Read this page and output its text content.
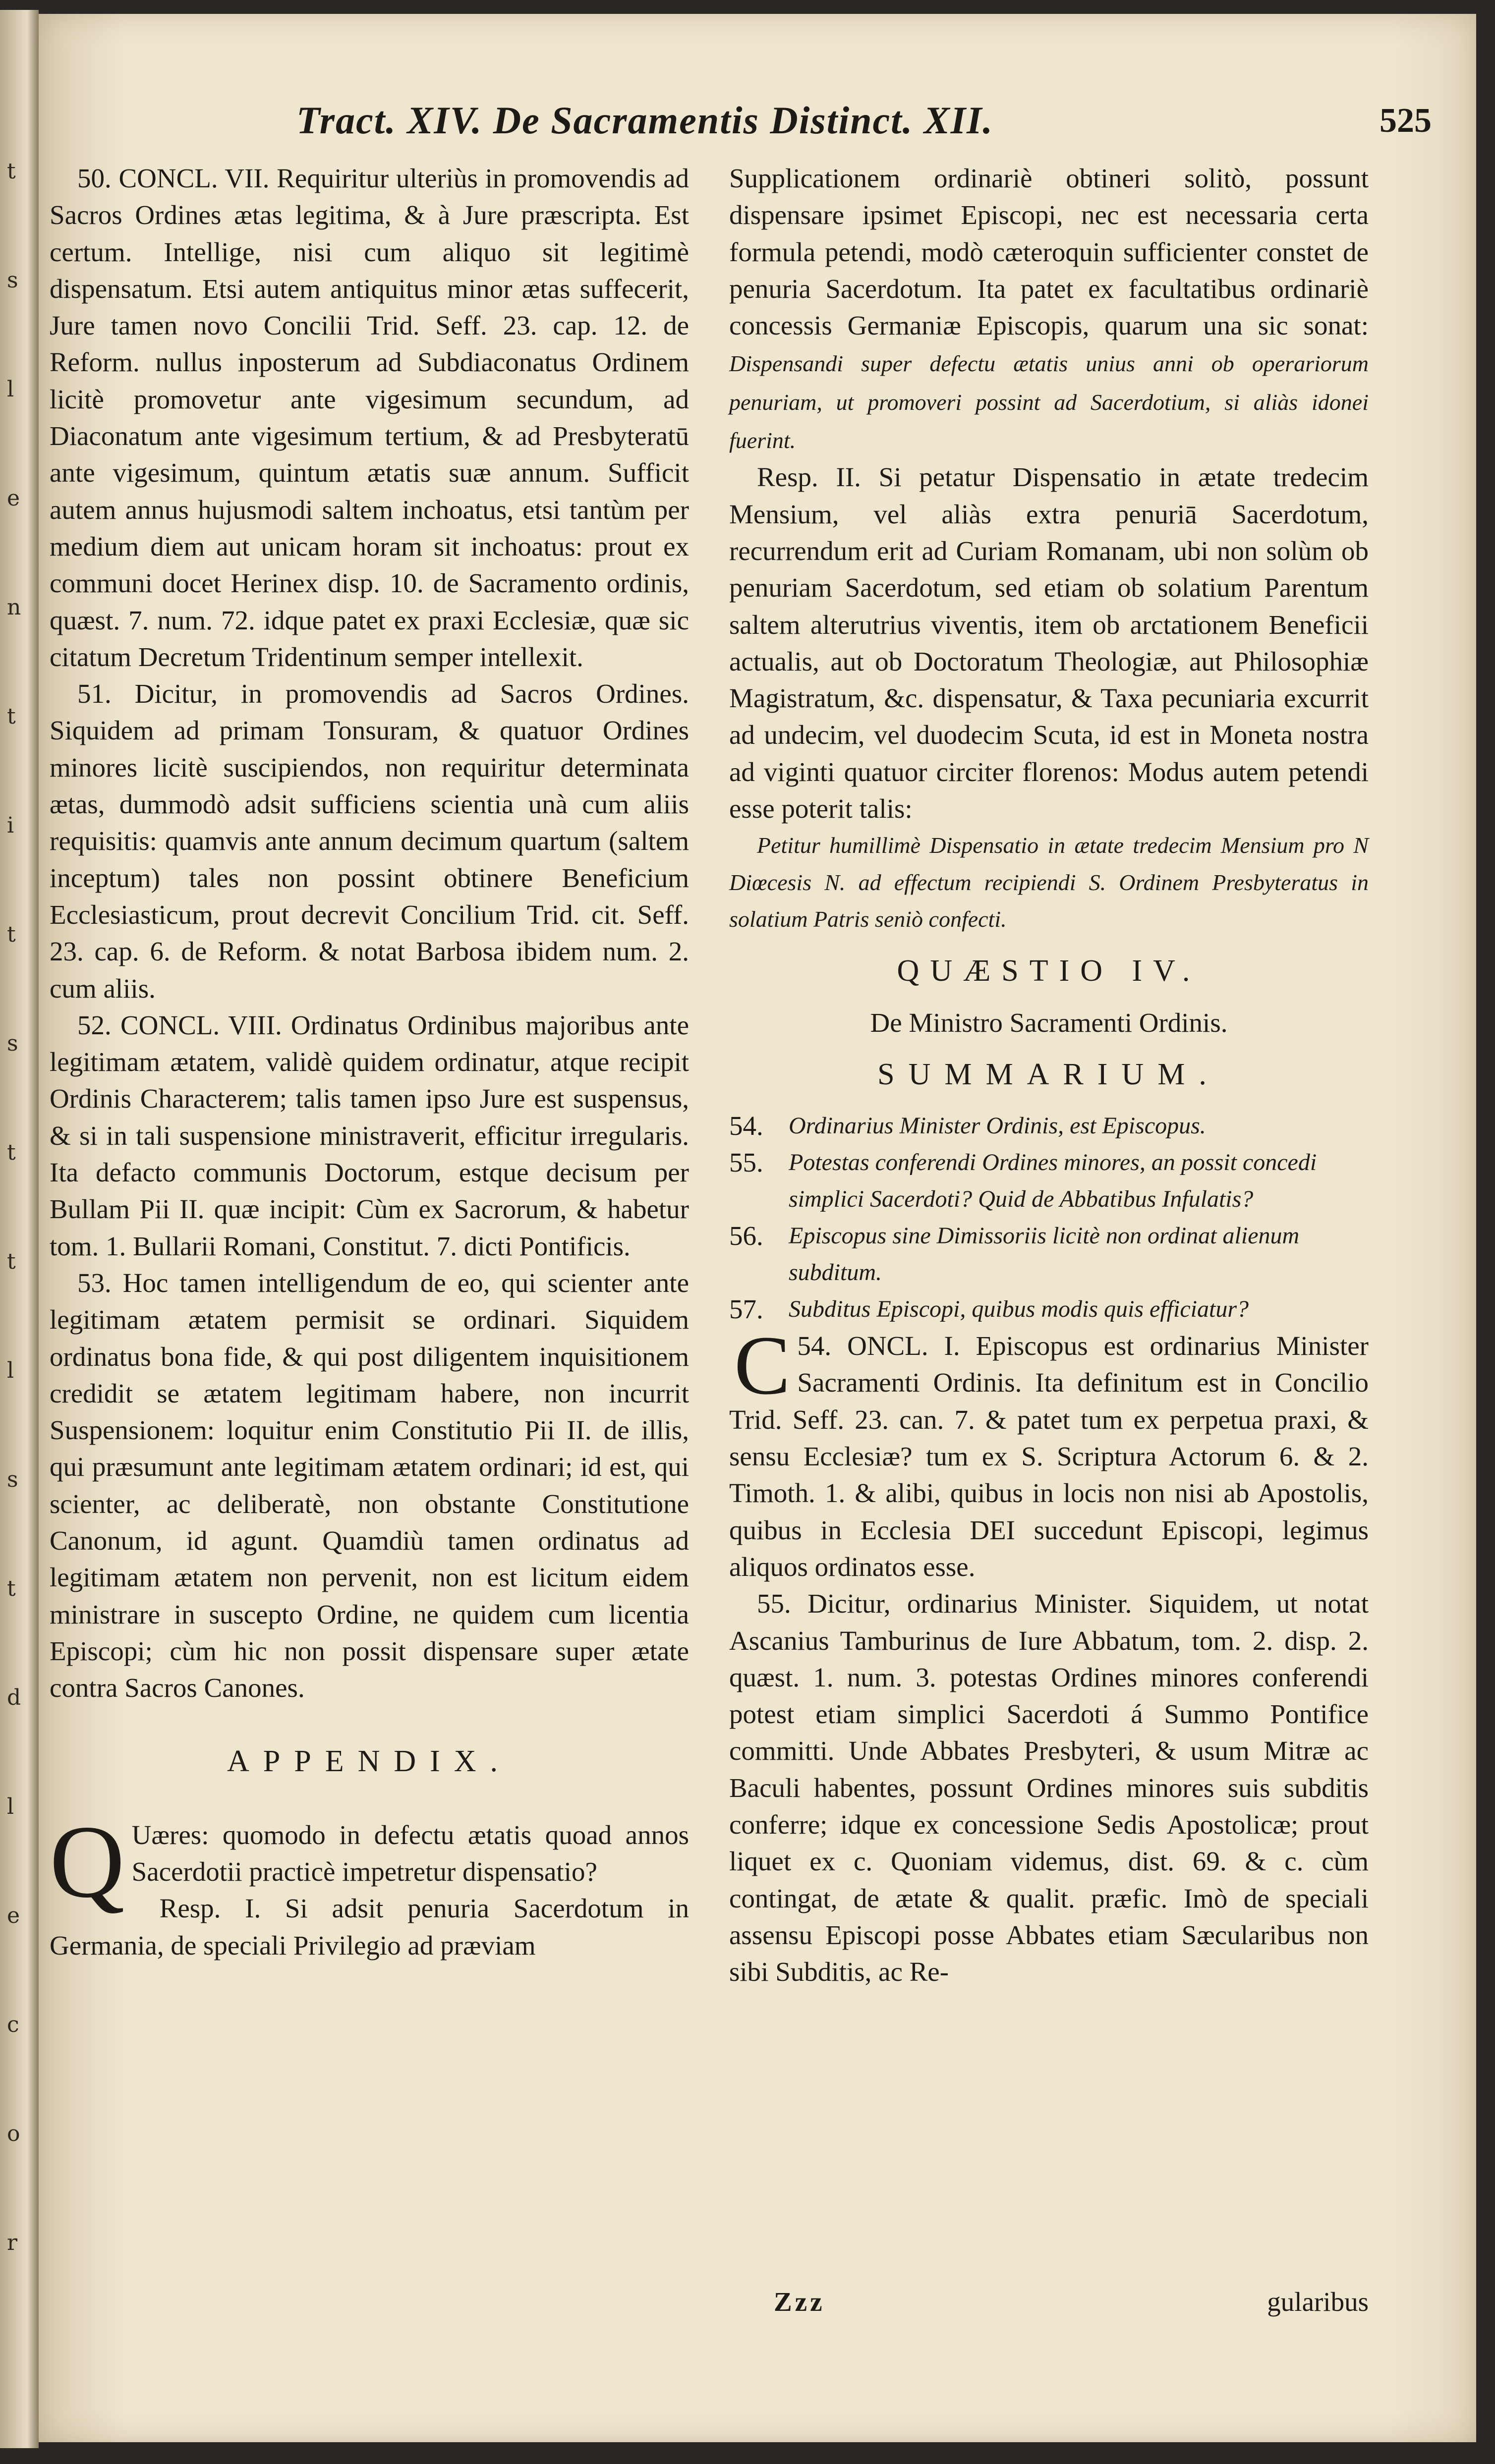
t
s
l
e
n
t
i
t
s
t
t
l
s
t
d
l
e
c
o
r
Tract. XIV. De Sacramentis Distinct. XII.	525

50. CONCL. VII. Requiritur ulteriùs in promovendis ad Sacros Ordines ætas legitima, & à Jure præscripta. Est certum. Intellige, nisi cum aliquo sit legitimè dispensatum. Etsi autem antiquitus minor ætas suffecerit, Jure tamen novo Concilii Trid. Seff. 23. cap. 12. de Reform. nullus inposterum ad Subdiaconatus Ordinem licitè promovetur ante vigesimum secundum, ad Diaconatum ante vigesimum tertium, & ad Presbyteratū ante vigesimum, quintum ætatis suæ annum. Sufficit autem annus hujusmodi saltem inchoatus, etsi tantùm per medium diem aut unicam horam sit inchoatus: prout ex communi docet Herinex disp. 10. de Sacramento ordinis, quæst. 7. num. 72. idque patet ex praxi Ecclesiæ, quæ sic citatum Decretum Tridentinum semper intellexit.

51. Dicitur, in promovendis ad Sacros Ordines. Siquidem ad primam Tonsuram, & quatuor Ordines minores licitè suscipiendos, non requiritur determinata ætas, dummodò adsit sufficiens scientia unà cum aliis requisitis: quamvis ante annum decimum quartum (saltem inceptum) tales non possint obtinere Beneficium Ecclesiasticum, prout decrevit Concilium Trid. cit. Seff. 23. cap. 6. de Reform. & notat Barbosa ibidem num. 2. cum aliis.

52. CONCL. VIII. Ordinatus Ordinibus majoribus ante legitimam ætatem, validè quidem ordinatur, atque recipit Ordinis Characterem; talis tamen ipso Jure est suspensus, & si in tali suspensione ministraverit, efficitur irregularis. Ita defacto communis Doctorum, estque decisum per Bullam Pii II. quæ incipit: Cùm ex Sacrorum, & habetur tom. 1. Bullarii Romani, Constitut. 7. dicti Pontificis.

53. Hoc tamen intelligendum de eo, qui scienter ante legitimam ætatem permisit se ordinari. Siquidem ordinatus bona fide, & qui post diligentem inquisitionem credidit se ætatem legitimam habere, non incurrit Suspensionem: loquitur enim Constitutio Pii II. de illis, qui præsumunt ante legitimam ætatem ordinari; id est, qui scienter, ac deliberatè, non obstante Constitutione Canonum, id agunt. Quamdiù tamen ordinatus ad legitimam ætatem non pervenit, non est licitum eidem ministrare in suscepto Ordine, ne quidem cum licentia Episcopi; cùm hic non possit dispensare super ætate contra Sacros Canones.

APPENDIX.

Q Uæres: quomodo in defectu ætatis quoad annos Sacerdotii practicè impetretur dispensatio?

Resp. I. Si adsit penuria Sacerdotum in Germania, de speciali Privilegio ad præviam

Supplicationem ordinariè obtineri solitò, possunt dispensare ipsimet Episcopi, nec est necessaria certa formula petendi, modò cæteroquin sufficienter constet de penuria Sacerdotum. Ita patet ex facultatibus ordinariè concessis Germaniæ Episcopis, quarum una sic sonat: Dispensandi super defectu ætatis unius anni ob operariorum penuriam, ut promoveri possint ad Sacerdotium, si aliàs idonei fuerint.

Resp. II. Si petatur Dispensatio in ætate tredecim Mensium, vel aliàs extra penuriā Sacerdotum, recurrendum erit ad Curiam Romanam, ubi non solùm ob penuriam Sacerdotum, sed etiam ob solatium Parentum saltem alterutrius viventis, item ob arctationem Beneficii actualis, aut ob Doctoratum Theologiæ, aut Philosophiæ Magistratum, &c. dispensatur, & Taxa pecuniaria excurrit ad undecim, vel duodecim Scuta, id est in Moneta nostra ad viginti quatuor circiter florenos: Modus autem petendi esse poterit talis:

Petitur humillimè Dispensatio in ætate tredecim Mensium pro N Diœcesis N. ad effectum recipiendi S. Ordinem Presbyteratus in solatium Patris seniò confecti.

QUÆSTIO IV.

De Ministro Sacramenti Ordinis.

SUMMARIUM.

54.	Ordinarius Minister Ordinis, est Episcopus.
55.	Potestas conferendi Ordines minores, an possit concedi simplici Sacerdoti? Quid de Abbatibus Infulatis?
56.	Episcopus sine Dimissoriis licitè non ordinat alienum subditum.
57.	Subditus Episcopi, quibus modis quis efficiatur?

54.
C ONCL. I. Episcopus est ordinarius Minister Sacramenti Ordinis. Ita definitum est in Concilio Trid. Seff. 23. can. 7. & patet tum ex perpetua praxi, & sensu Ecclesiæ? tum ex S. Scriptura Actorum 6. & 2. Timoth. 1. & alibi, quibus in locis non nisi ab Apostolis, quibus in Ecclesia DEI succedunt Episcopi, legimus aliquos ordinatos esse.

55. Dicitur, ordinarius Minister. Siquidem, ut notat Ascanius Tamburinus de Iure Abbatum, tom. 2. disp. 2. quæst. 1. num. 3. potestas Ordines minores conferendi potest etiam simplici Sacerdoti á Summo Pontifice committi. Unde Abbates Presbyteri, & usum Mitræ ac Baculi habentes, possunt Ordines minores suis subditis conferre; idque ex concessione Sedis Apostolicæ; prout liquet ex c. Quoniam videmus, dist. 69. & c. cùm contingat, de ætate & qualit. præfic. Imò de speciali assensu Episcopi posse Abbates etiam Sæcularibus non sibi Subditis, ac Re-

Zzz	gularibus
